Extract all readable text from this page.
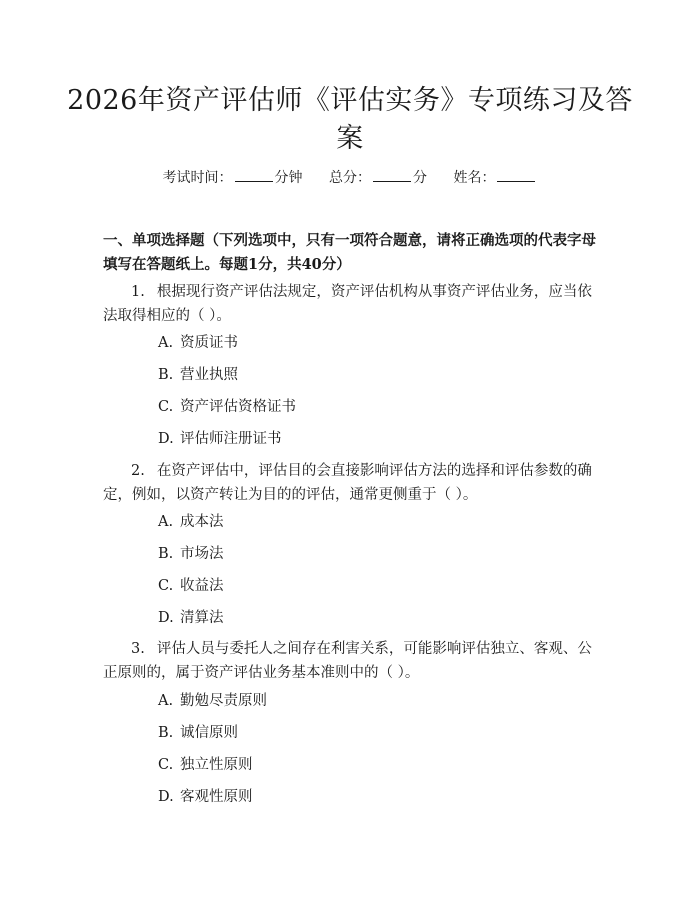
2026年资产评估师《评估实务》专项练习及答案
考试时间：	分钟 总分：	分 姓名：

一、单项选择题（下列选项中，只有一项符合题意，请将正确选项的代表字母填写在答题纸上。每题1分，共40分）

1. 根据现行资产评估法规定，资产评估机构从事资产评估业务，应当依法取得相应的（ ）。

A. 资质证书
B. 营业执照
C. 资产评估资格证书
D. 评估师注册证书

2. 在资产评估中，评估目的会直接影响评估方法的选择和评估参数的确定，例如，以资产转让为目的的评估，通常更侧重于（ ）。

A. 成本法
B. 市场法
C. 收益法
D. 清算法

3. 评估人员与委托人之间存在利害关系，可能影响评估独立、客观、公正原则的，属于资产评估业务基本准则中的（ ）。

A. 勤勉尽责原则
B. 诚信原则
C. 独立性原则
D. 客观性原则
